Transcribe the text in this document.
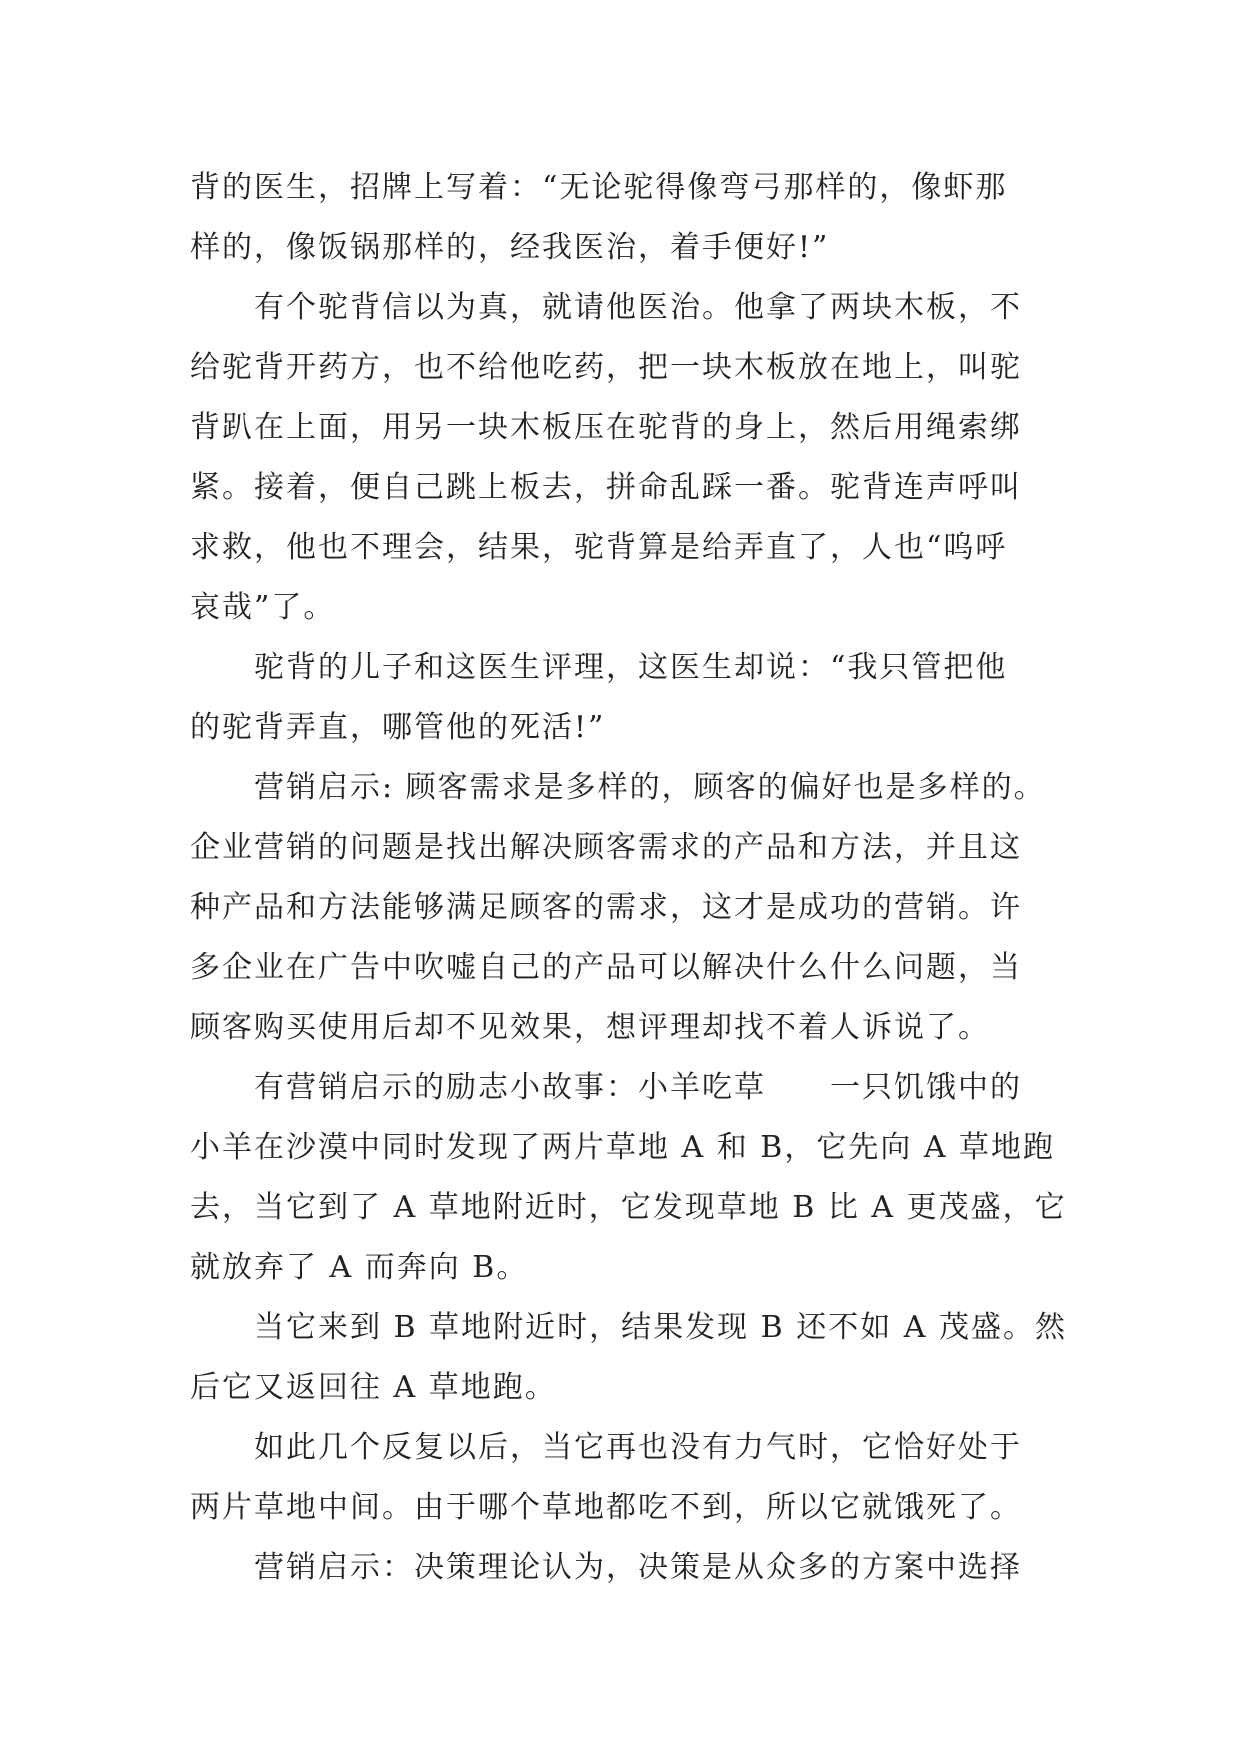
背的医生，招牌上写着：“无论驼得像弯弓那样的，像虾那
样的，像饭锅那样的，经我医治，着手便好!”
有个驼背信以为真，就请他医治。他拿了两块木板，不
给驼背开药方，也不给他吃药，把一块木板放在地上，叫驼
背趴在上面，用另一块木板压在驼背的身上，然后用绳索绑
紧。接着，便自己跳上板去，拼命乱踩一番。驼背连声呼叫
求救，他也不理会，结果，驼背算是给弄直了，人也“呜呼
哀哉”了。
驼背的儿子和这医生评理，这医生却说：“我只管把他
的驼背弄直，哪管他的死活!”
营销启示: 顾客需求是多样的，顾客的偏好也是多样的。
企业营销的问题是找出解决顾客需求的产品和方法，并且这
种产品和方法能够满足顾客的需求，这才是成功的营销。许
多企业在广告中吹嘘自己的产品可以解决什么什么问题，当
顾客购买使用后却不见效果，想评理却找不着人诉说了。
有营销启示的励志小故事：小羊吃草　　一只饥饿中的
小羊在沙漠中同时发现了两片草地 A 和 B，它先向 A 草地跑
去，当它到了 A 草地附近时，它发现草地 B 比 A 更茂盛，它
就放弃了 A 而奔向 B。
当它来到 B 草地附近时，结果发现 B 还不如 A 茂盛。然
后它又返回往 A 草地跑。
如此几个反复以后，当它再也没有力气时，它恰好处于
两片草地中间。由于哪个草地都吃不到，所以它就饿死了。
营销启示：决策理论认为，决策是从众多的方案中选择
